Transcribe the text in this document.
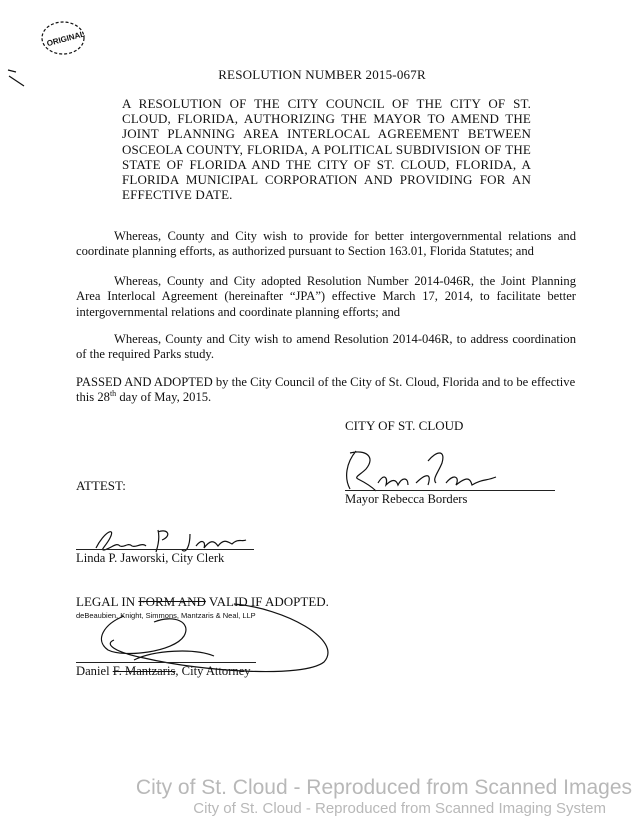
ORIGINAL
RESOLUTION NUMBER 2015-067R
A RESOLUTION OF THE CITY COUNCIL OF THE CITY OF ST. CLOUD, FLORIDA, AUTHORIZING THE MAYOR TO AMEND THE JOINT PLANNING AREA INTERLOCAL AGREEMENT BETWEEN OSCEOLA COUNTY, FLORIDA, A POLITICAL SUBDIVISION OF THE STATE OF FLORIDA AND THE CITY OF ST. CLOUD, FLORIDA, A FLORIDA MUNICIPAL CORPORATION AND PROVIDING FOR AN EFFECTIVE DATE.
Whereas, County and City wish to provide for better intergovernmental relations and coordinate planning efforts, as authorized pursuant to Section 163.01, Florida Statutes; and
Whereas, County and City adopted Resolution Number 2014-046R, the Joint Planning Area Interlocal Agreement (hereinafter “JPA”) effective March 17, 2014, to facilitate better intergovernmental relations and coordinate planning efforts; and
Whereas, County and City wish to amend Resolution 2014-046R, to address coordination of the required Parks study.
PASSED AND ADOPTED by the City Council of the City of St. Cloud, Florida and to be effective this 28th day of May, 2015.
CITY OF ST. CLOUD
ATTEST:
Mayor Rebecca Borders
Linda P. Jaworski, City Clerk
LEGAL IN FORM AND VALID IF ADOPTED.
deBeaubien, Knight, Simmons, Mantzaris & Neal, LLP
Daniel F. Mantzaris, City Attorney
City of St. Cloud - Reproduced from Scanned Images
City of St. Cloud - Reproduced from Scanned Imaging System
